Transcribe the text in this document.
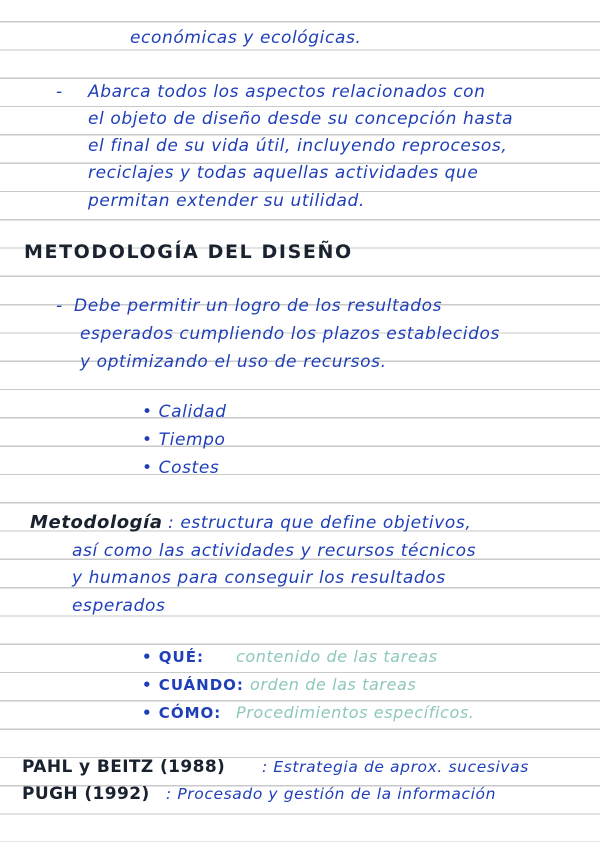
económicas y ecológicas.
- Abarca todos los aspectos relacionados con
el objeto de diseño desde su concepción hasta
el final de su vida útil, incluyendo reprocesos,
reciclajes y todas aquellas actividades que
permitan extender su utilidad.
METODOLOGÍA DEL DISEÑO
- Debe permitir un logro de los resultados
esperados cumpliendo los plazos establecidos
y optimizando el uso de recursos.
• Calidad
• Tiempo
• Costes
Metodología : estructura que define objetivos,
así como las actividades y recursos técnicos
y humanos para conseguir los resultados
esperados
• QUÉ: contenido de las tareas
• CUÁNDO: orden de las tareas
• CÓMO: Procedimientos específicos.
PAHL y BEITZ (1988) : Estrategia de aprox. sucesivas
PUGH (1992) : Procesado y gestión de la información
